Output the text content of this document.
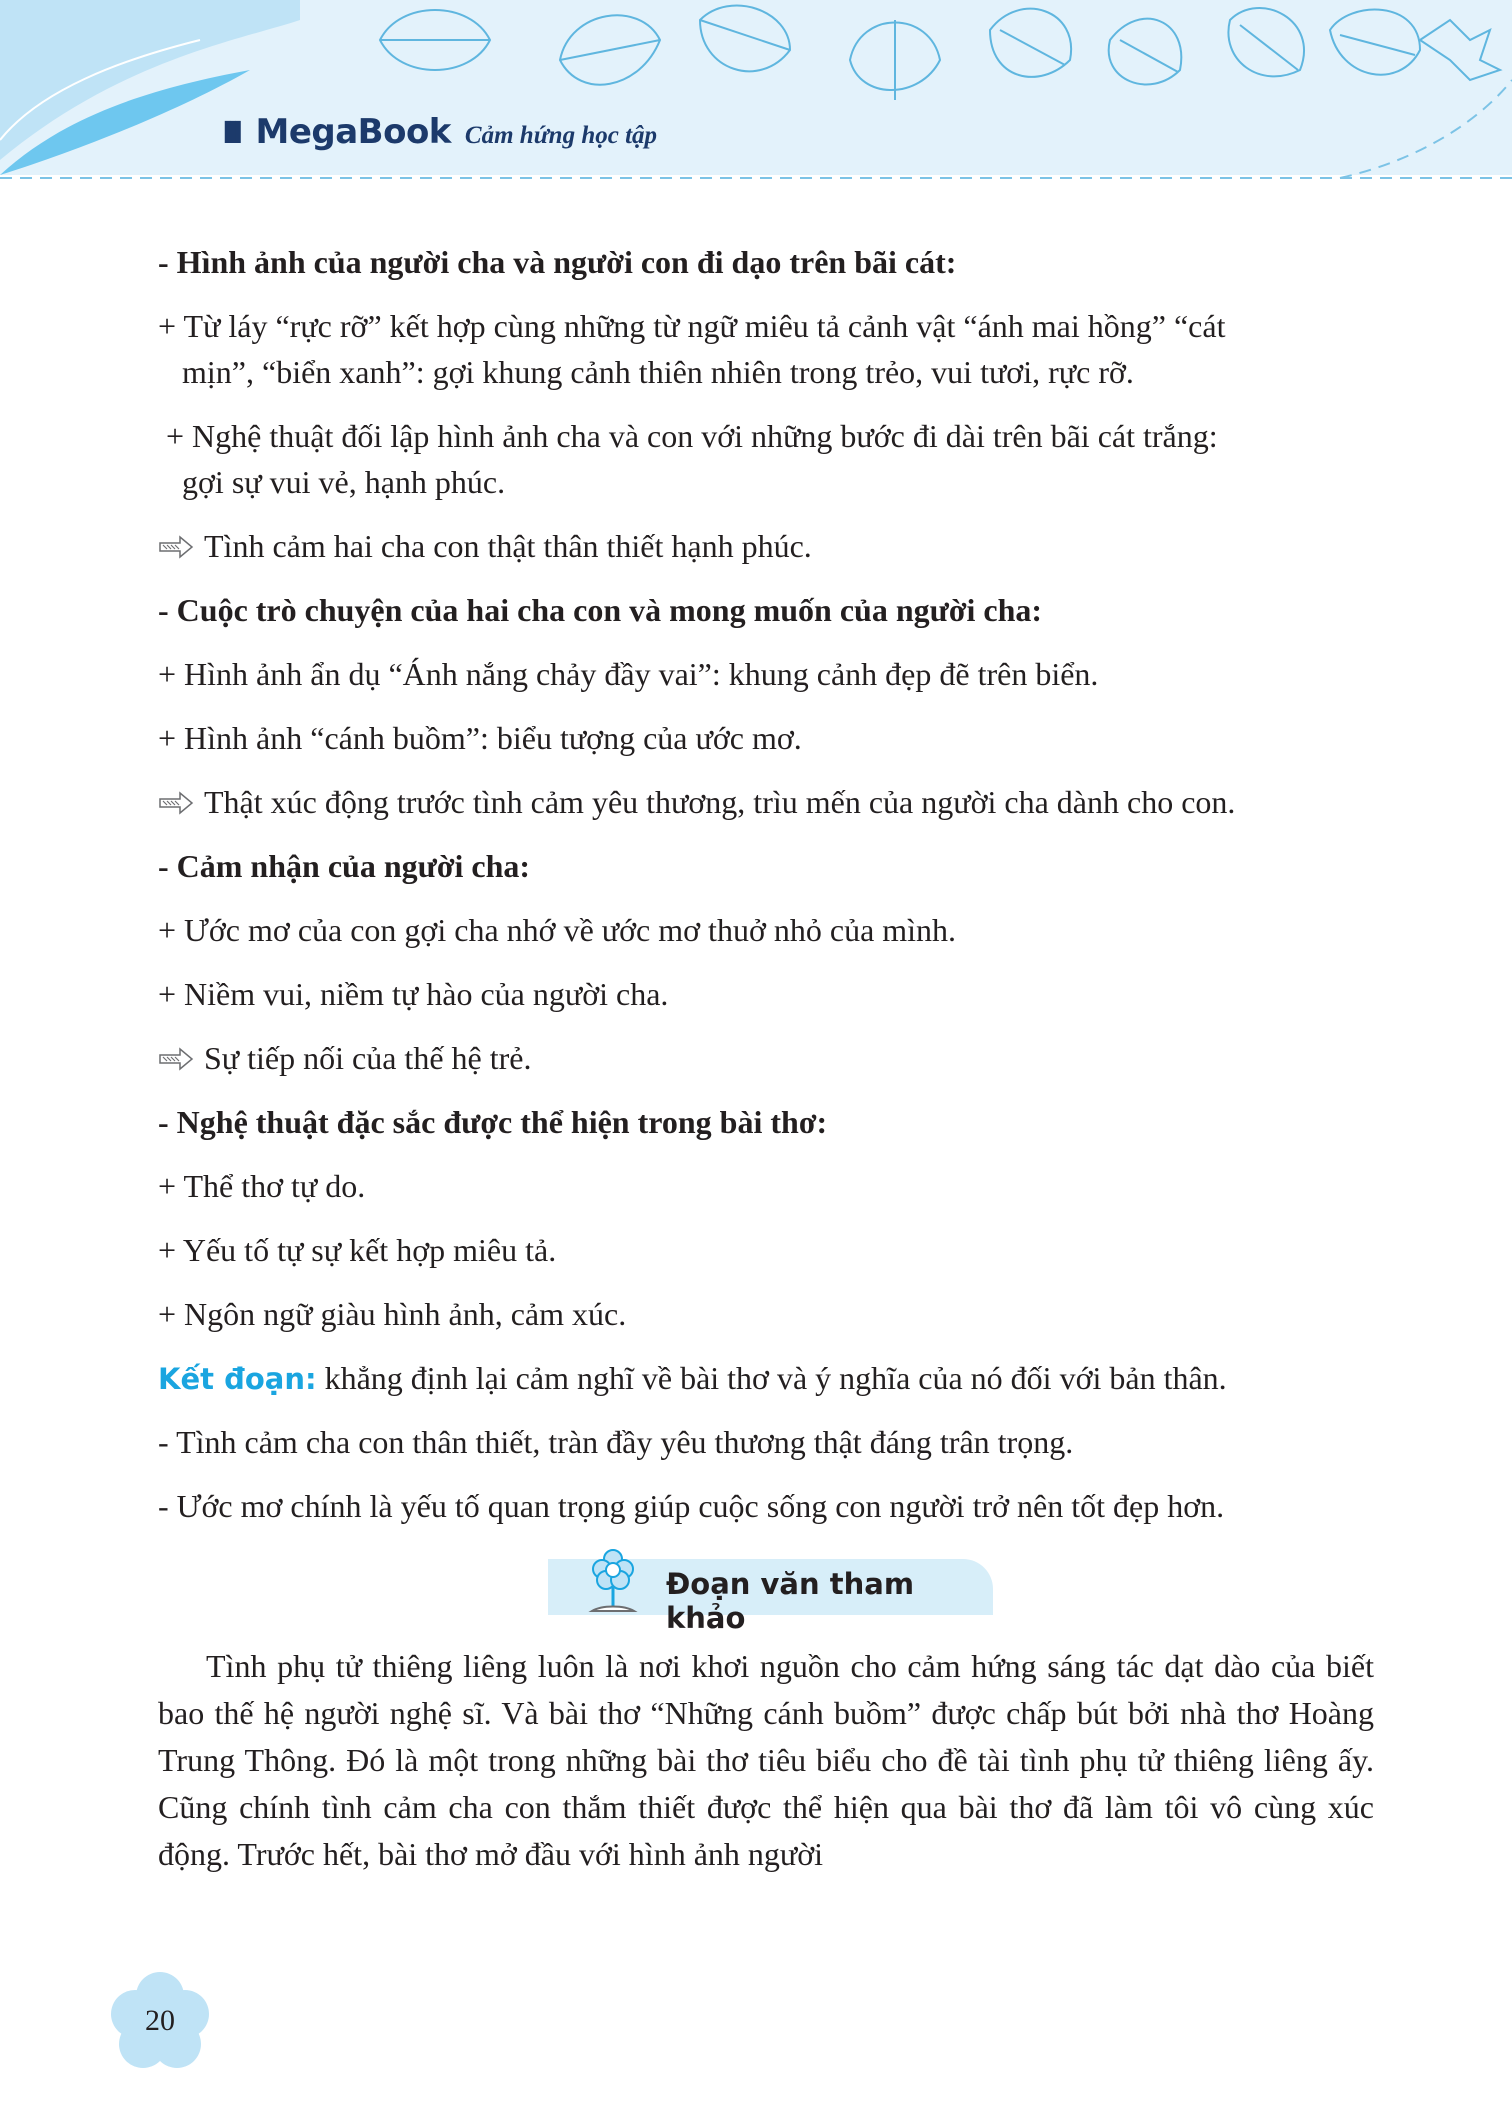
III MegaBook Cảm hứng học tập
- Hình ảnh của người cha và người con đi dạo trên bãi cát:
+ Từ láy “rực rỡ” kết hợp cùng những từ ngữ miêu tả cảnh vật “ánh mai hồng” “cát
mịn”, “biển xanh”: gợi khung cảnh thiên nhiên trong trẻo, vui tươi, rực rỡ.
+ Nghệ thuật đối lập hình ảnh cha và con với những bước đi dài trên bãi cát trắng:
gợi sự vui vẻ, hạnh phúc.
Tình cảm hai cha con thật thân thiết hạnh phúc.
- Cuộc trò chuyện của hai cha con và mong muốn của người cha:
+ Hình ảnh ẩn dụ “Ánh nắng chảy đầy vai”: khung cảnh đẹp đẽ trên biển.
+ Hình ảnh “cánh buồm”: biểu tượng của ước mơ.
Thật xúc động trước tình cảm yêu thương, trìu mến của người cha dành cho con.
- Cảm nhận của người cha:
+ Ước mơ của con gợi cha nhớ về ước mơ thuở nhỏ của mình.
+ Niềm vui, niềm tự hào của người cha.
Sự tiếp nối của thế hệ trẻ.
- Nghệ thuật đặc sắc được thể hiện trong bài thơ:
+ Thể thơ tự do.
+ Yếu tố tự sự kết hợp miêu tả.
+ Ngôn ngữ giàu hình ảnh, cảm xúc.
Kết đoạn: khẳng định lại cảm nghĩ về bài thơ và ý nghĩa của nó đối với bản thân.
- Tình cảm cha con thân thiết, tràn đầy yêu thương thật đáng trân trọng.
- Ước mơ chính là yếu tố quan trọng giúp cuộc sống con người trở nên tốt đẹp hơn.
Đoạn văn tham khảo
Tình phụ tử thiêng liêng luôn là nơi khơi nguồn cho cảm hứng sáng tác dạt dào của biết bao thế hệ người nghệ sĩ. Và bài thơ “Những cánh buồm” được chấp bút bởi nhà thơ Hoàng Trung Thông. Đó là một trong những bài thơ tiêu biểu cho đề tài tình phụ tử thiêng liêng ấy. Cũng chính tình cảm cha con thắm thiết được thể hiện qua bài thơ đã làm tôi vô cùng xúc động. Trước hết, bài thơ mở đầu với hình ảnh người
20
